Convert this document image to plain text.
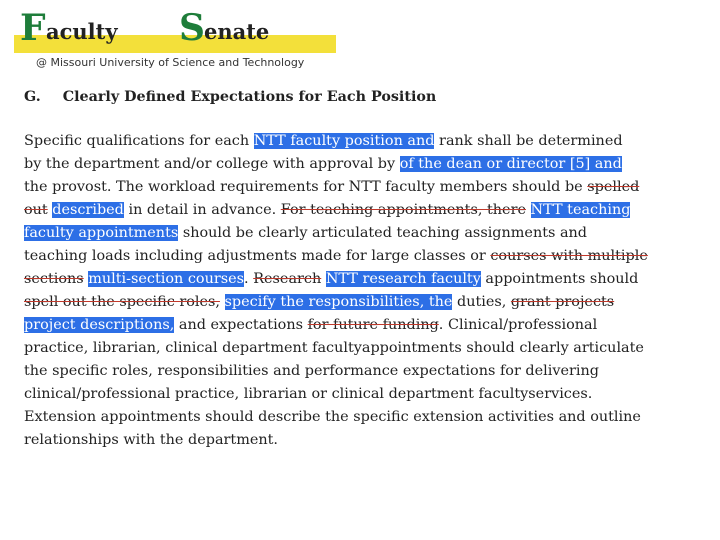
F aculty S enate
@ Missouri University of Science and Technology
G. Clearly Defined Expectations for Each Position
Specific qualifications for each NTT faculty position and rank shall be determined
by the department and/or college with approval by of the dean or director [5] and
the provost. The workload requirements for NTT faculty members should be spelled
out described in detail in advance. For teaching appointments, there NTT teaching
faculty appointments should be clearly articulated teaching assignments and
teaching loads including adjustments made for large classes or courses with multiple
sections multi-section courses. Research NTT research faculty appointments should
spell out the specific roles, specify the responsibilities, the duties, grant projects
project descriptions, and expectations for future funding. Clinical/professional
practice, librarian, clinical department facultyappointments should clearly articulate
the specific roles, responsibilities and performance expectations for delivering
clinical/professional practice, librarian or clinical department facultyservices.
Extension appointments should describe the specific extension activities and outline
relationships with the department.
